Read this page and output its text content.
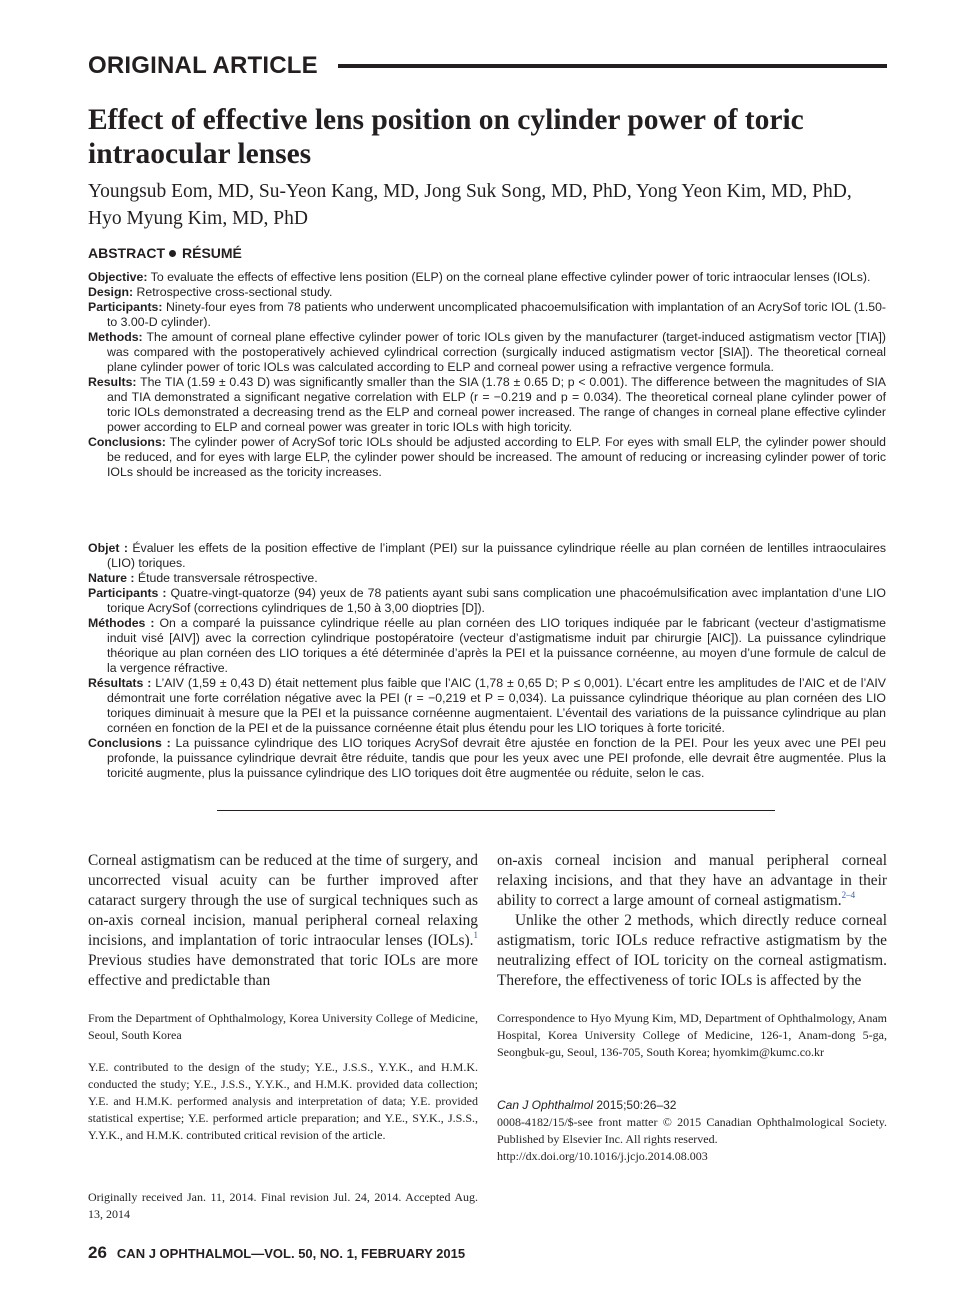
ORIGINAL ARTICLE
Effect of effective lens position on cylinder power of toric intraocular lenses
Youngsub Eom, MD, Su-Yeon Kang, MD, Jong Suk Song, MD, PhD, Yong Yeon Kim, MD, PhD, Hyo Myung Kim, MD, PhD
ABSTRACT RÉSUMÉ

Objective: To evaluate the effects of effective lens position (ELP) on the corneal plane effective cylinder power of toric intraocular lenses (IOLs).

Design: Retrospective cross-sectional study.

Participants: Ninety-four eyes from 78 patients who underwent uncomplicated phacoemulsification with implantation of an AcrySof toric IOL (1.50- to 3.00-D cylinder).

Methods: The amount of corneal plane effective cylinder power of toric IOLs given by the manufacturer (target-induced astigmatism vector [TIA]) was compared with the postoperatively achieved cylindrical correction (surgically induced astigmatism vector [SIA]). The theoretical corneal plane cylinder power of toric IOLs was calculated according to ELP and corneal power using a refractive vergence formula.

Results: The TIA (1.59 ± 0.43 D) was significantly smaller than the SIA (1.78 ± 0.65 D; p < 0.001). The difference between the magnitudes of SIA and TIA demonstrated a significant negative correlation with ELP (r = −0.219 and p = 0.034). The theoretical corneal plane cylinder power of toric IOLs demonstrated a decreasing trend as the ELP and corneal power increased. The range of changes in corneal plane effective cylinder power according to ELP and corneal power was greater in toric IOLs with high toricity.

Conclusions: The cylinder power of AcrySof toric IOLs should be adjusted according to ELP. For eyes with small ELP, the cylinder power should be reduced, and for eyes with large ELP, the cylinder power should be increased. The amount of reducing or increasing cylinder power of toric IOLs should be increased as the toricity increases.

Objet : Évaluer les effets de la position effective de l’implant (PEI) sur la puissance cylindrique réelle au plan cornéen de lentilles intraoculaires (LIO) toriques.

Nature : Étude transversale rétrospective.

Participants : Quatre-vingt-quatorze (94) yeux de 78 patients ayant subi sans complication une phacoémulsification avec implantation d’une LIO torique AcrySof (corrections cylindriques de 1,50 à 3,00 dioptries [D]).

Méthodes : On a comparé la puissance cylindrique réelle au plan cornéen des LIO toriques indiquée par le fabricant (vecteur d’astigmatisme induit visé [AIV]) avec la correction cylindrique postopératoire (vecteur d’astigmatisme induit par chirurgie [AIC]). La puissance cylindrique théorique au plan cornéen des LIO toriques a été déterminée d’après la PEI et la puissance cornéenne, au moyen d’une formule de calcul de la vergence réfractive.

Résultats : L’AIV (1,59 ± 0,43 D) était nettement plus faible que l’AIC (1,78 ± 0,65 D; P ≤ 0,001). L’écart entre les amplitudes de l’AIC et de l’AIV démontrait une forte corrélation négative avec la PEI (r = −0,219 et P = 0,034). La puissance cylindrique théorique au plan cornéen des LIO toriques diminuait à mesure que la PEI et la puissance cornéenne augmentaient. L’éventail des variations de la puissance cylindrique au plan cornéen en fonction de la PEI et de la puissance cornéenne était plus étendu pour les LIO toriques à forte toricité.

Conclusions : La puissance cylindrique des LIO toriques AcrySof devrait être ajustée en fonction de la PEI. Pour les yeux avec une PEI peu profonde, la puissance cylindrique devrait être réduite, tandis que pour les yeux avec une PEI profonde, elle devrait être augmentée. Plus la toricité augmente, plus la puissance cylindrique des LIO toriques doit être augmentée ou réduite, selon le cas.

Corneal astigmatism can be reduced at the time of surgery, and uncorrected visual acuity can be further improved after cataract surgery through the use of surgical techniques such as on-axis corneal incision, manual peripheral corneal relaxing incisions, and implantation of toric intraocular lenses (IOLs).$^1$ Previous studies have demonstrated that toric IOLs are more effective and predictable than

on-axis corneal incision and manual peripheral corneal relaxing incisions, and that they have an advantage in their ability to correct a large amount of corneal astigmatism.$^{2-4}$

Unlike the other 2 methods, which directly reduce corneal astigmatism, toric IOLs reduce refractive astigmatism by the neutralizing effect of IOL toricity on the corneal astigmatism. Therefore, the effectiveness of toric IOLs is affected by the

From the Department of Ophthalmology, Korea University College of Medicine, Seoul, South Korea
Y.E. contributed to the design of the study; Y.E., J.S.S., Y.Y.K., and H.M.K. conducted the study; Y.E., J.S.S., Y.Y.K., and H.M.K. provided data collection; Y.E. and H.M.K. performed analysis and interpretation of data; Y.E. provided statistical expertise; Y.E. performed article preparation; and Y.E., SY.K., J.S.S., Y.Y.K., and H.M.K. contributed critical revision of the article.
Originally received Jan. 11, 2014. Final revision Jul. 24, 2014. Accepted Aug. 13, 2014
Correspondence to Hyo Myung Kim, MD, Department of Ophthalmology, Anam Hospital, Korea University College of Medicine, 126-1, Anam-dong 5-ga, Seongbuk-gu, Seoul, 136-705, South Korea; hyomkim@kumc.co.kr
Can J Ophthalmol 2015;50:26–32
0008-4182/15/$-see front matter © 2015 Canadian Ophthalmological Society. Published by Elsevier Inc. All rights reserved.
http://dx.doi.org/10.1016/j.jcjo.2014.08.003
26 CAN J OPHTHALMOL—VOL. 50, NO. 1, FEBRUARY 2015
